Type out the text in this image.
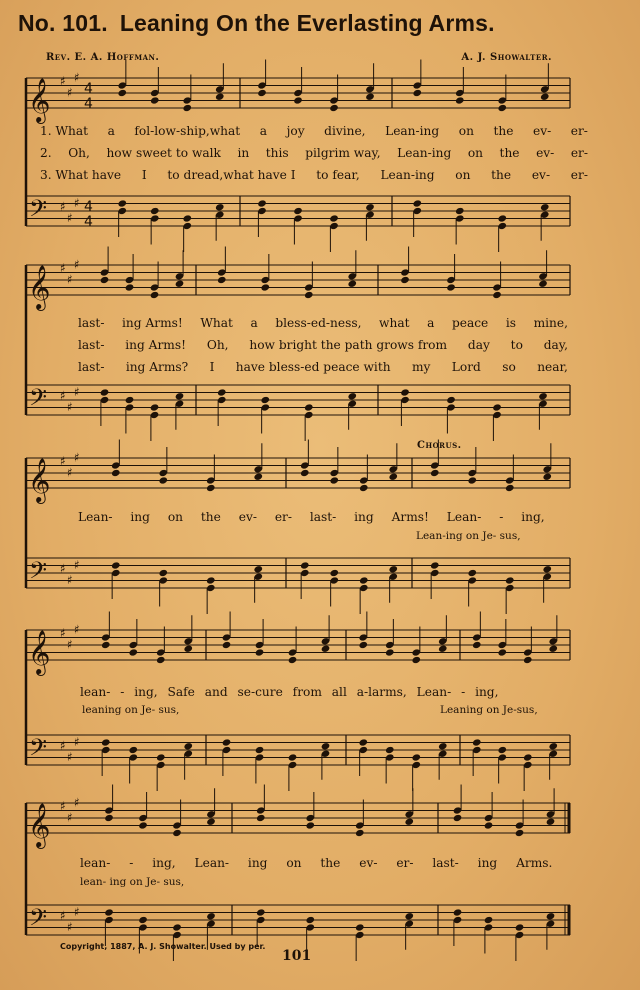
No. 101. Leaning On the Everlasting Arms.
Rev. E. A. Hoffman.	A. J. Showalter.
𝄞
𝄢
♯
♯
♯
♯
♯
♯
4
4
4
4
𝄞
𝄢
♯
♯
♯
♯
♯
♯
𝄞
𝄢
♯
♯
♯
♯
♯
♯
𝄞
𝄢
♯
♯
♯
♯
♯
♯
𝄞
𝄢
♯
♯
♯
♯
♯
♯
1. What a fol-low-ship,what a joy divine, Lean-ing on the ev- er-
2. Oh, how sweet to walk in this pilgrim way, Lean-ing on the ev- er-
3. What have I to dread,what have I to fear, Lean-ing on the ev- er-
last- ing Arms! What a bless-ed-ness, what a peace is mine,
last- ing Arms! Oh, how bright the path grows from day to day,
last- ing Arms? I have bless-ed peace with my Lord so near,
Chorus.
Lean- ing on the ev- er- last- ing Arms! Lean- - ing,
Lean-ing on Je- sus,
lean- - ing, Safe and se-cure from all a-larms, Lean- - ing,
leaning on Je- sus,	Leaning on Je-sus,
lean- - ing, Lean- ing on the ev- er- last- ing Arms.
lean- ing on Je- sus,
Copyright, 1887, A. J. Showalter. Used by per.
101
